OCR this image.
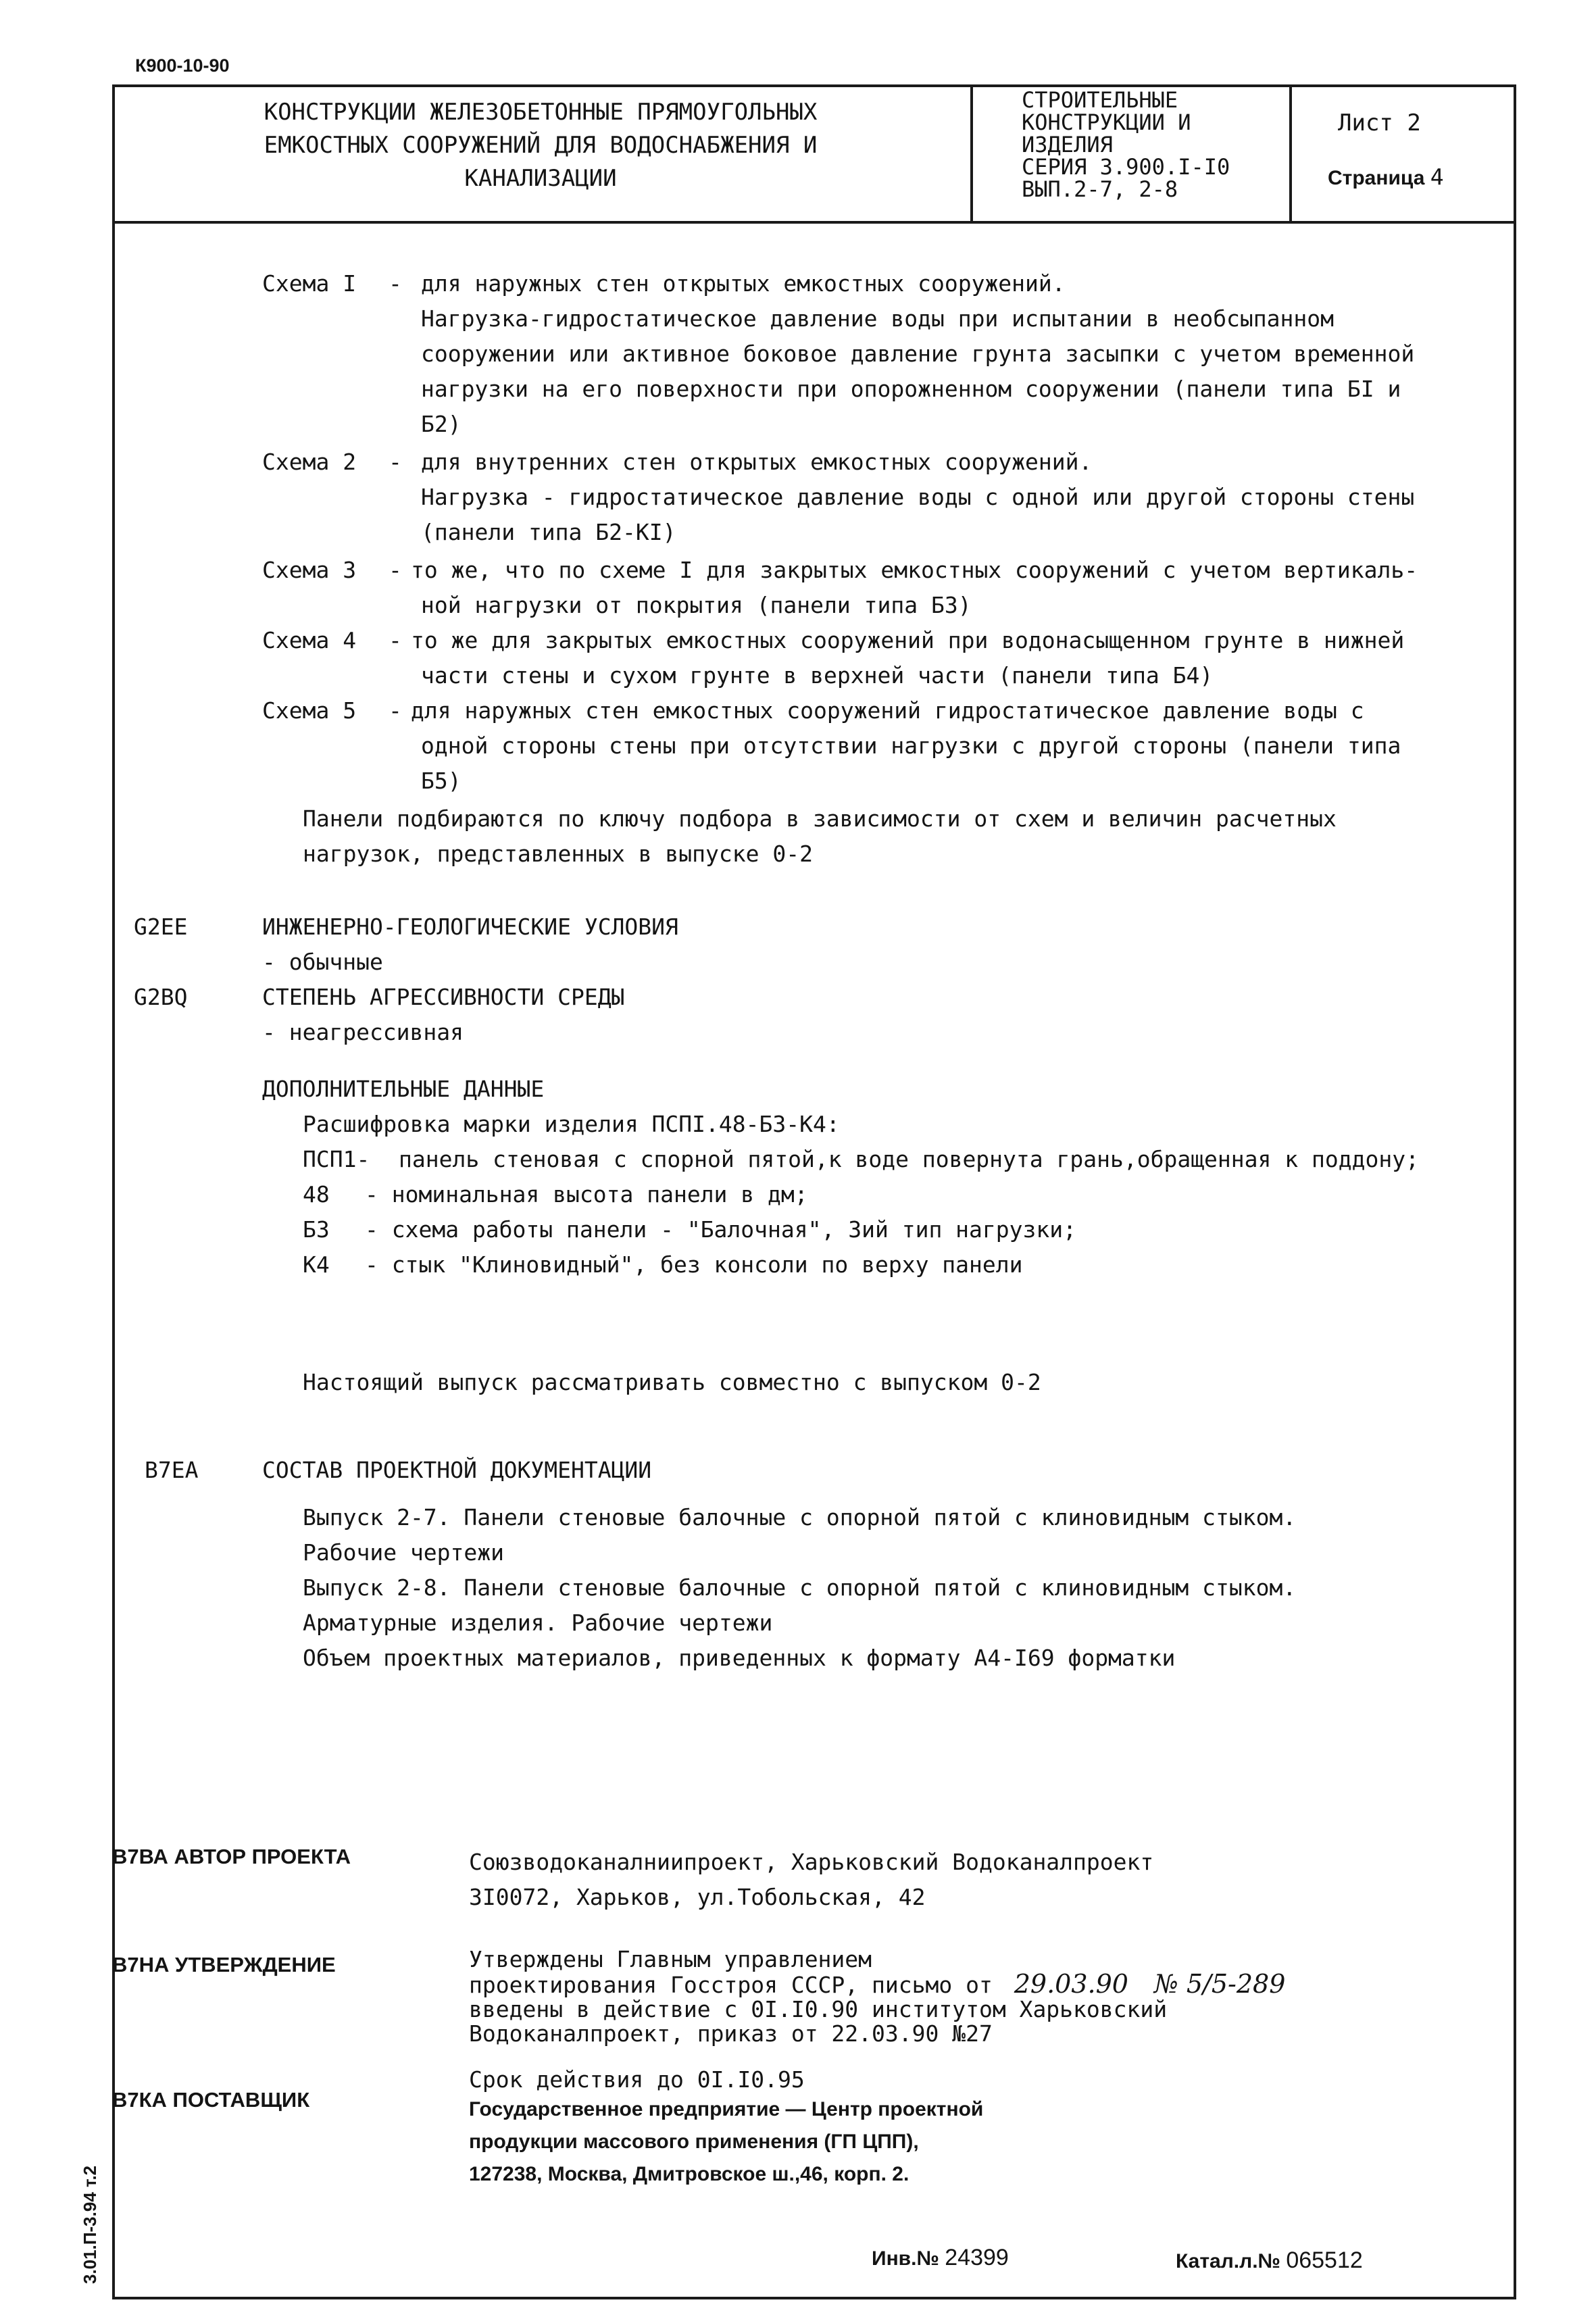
К900-10-90
КОНСТРУКЦИИ ЖЕЛЕЗОБЕТОННЫЕ ПРЯМОУГОЛЬНЫХ
ЕМКОСТНЫХ СООРУЖЕНИЙ ДЛЯ ВОДОСНАБЖЕНИЯ И
КАНАЛИЗАЦИИ
СТРОИТЕЛЬНЫЕ
КОНСТРУКЦИИ И
ИЗДЕЛИЯ
СЕРИЯ 3.900.I-I0
ВЫП.2-7, 2-8
Лист 2
Страница 4
Схема I - для наружных стен открытых емкостных сооружений.
Нагрузка-гидростатическое давление воды при испытании в необсыпанном
сооружении или активное боковое давление грунта засыпки с учетом временной
нагрузки на его поверхности при опорожненном сооружении (панели типа БI и
Б2)
Схема 2 - для внутренних стен открытых емкостных сооружений.
Нагрузка - гидростатическое давление воды с одной или другой стороны стены
(панели типа Б2-КI)
Схема 3 - то же, что по схеме I для закрытых емкостных сооружений с учетом вертикаль-
ной нагрузки от покрытия (панели типа Б3)
Схема 4 - то же для закрытых емкостных сооружений при водонасыщенном грунте в нижней
части стены и сухом грунте в верхней части (панели типа Б4)
Схема 5 - для наружных стен емкостных сооружений гидростатическое давление воды с
одной стороны стены при отсутствии нагрузки с другой стороны (панели типа
Б5)
Панели подбираются по ключу подбора в зависимости от схем и величин расчетных
нагрузок, представленных в выпуске 0-2
G2EE	ИНЖЕНЕРНО-ГЕОЛОГИЧЕСКИЕ УСЛОВИЯ
- обычные
G2BQ	СТЕПЕНЬ АГРЕССИВНОСТИ СРЕДЫ
- неагрессивная
ДОПОЛНИТЕЛЬНЫЕ ДАННЫЕ
Расшифровка марки изделия ПСПI.48-Б3-К4:
ПСП1- панель стеновая с спорной пятой,к воде повернута грань,обращенная к поддону;
48 - номинальная высота панели в дм;
Б3 - схема работы панели - "Балочная", 3ий тип нагрузки;
К4 - стык "Клиновидный", без консоли по верху панели
Настоящий выпуск рассматривать совместно с выпуском 0-2
B7EA	СОСТАВ ПРОЕКТНОЙ ДОКУМЕНТАЦИИ
Выпуск 2-7. Панели стеновые балочные с опорной пятой с клиновидным стыком.
Рабочие чертежи
Выпуск 2-8. Панели стеновые балочные с опорной пятой с клиновидным стыком.
Арматурные изделия. Рабочие чертежи
Объем проектных материалов, приведенных к формату А4-I69 форматки
В7ВА АВТОР ПРОЕКТА	Союзводоканалниипроект, Харьковский Водоканалпроект
3I0072, Харьков, ул.Тобольская, 42
В7НА УТВЕРЖДЕНИЕ	Утверждены Главным управлением
проектирования Госстроя СССР, письмо от 29.03.90 № 5/5-289
введены в действие с 0I.I0.90 институтом Харьковский
Водоканалпроект, приказ от 22.03.90 №27
Срок действия до 0I.I0.95
В7КА ПОСТАВЩИК	Государственное предприятие — Центр проектной
продукции массового применения (ГП ЦПП),
127238, Москва, Дмитровское ш.,46, корп. 2.
Инв.№ 24399	Катал.л.№ 065512
3.01.П-3.94 т.2
